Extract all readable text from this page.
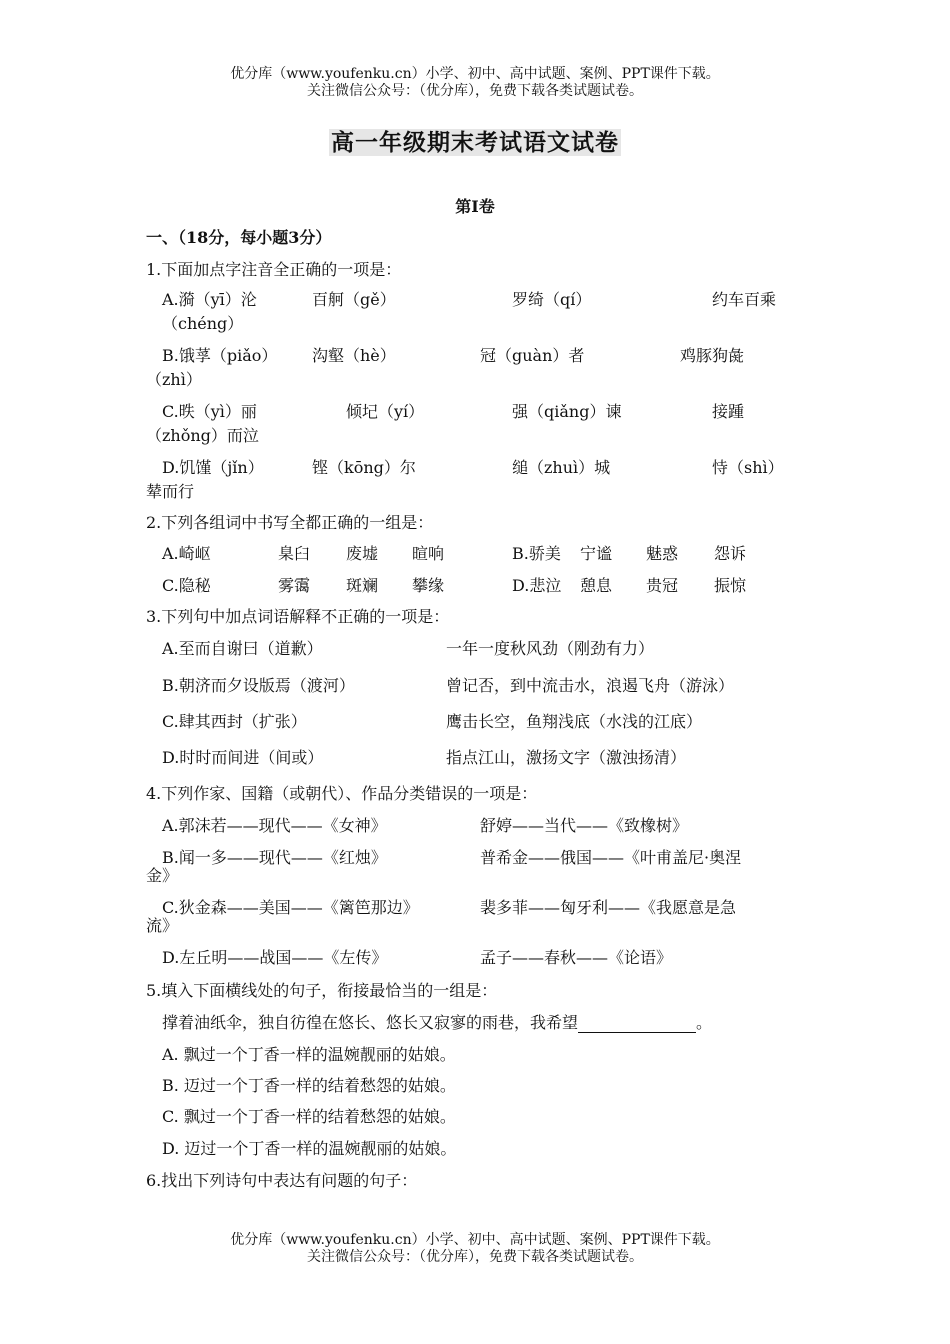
优分库（www.youfenku.cn）小学、初中、高中试题、案例、PPT课件下载。
关注微信公众号：（优分库），免费下载各类试题试卷。
高一年级期末考试语文试卷
第Ⅰ卷
一、（18分，每小题3分）
1.下面加点字注音全正确的一项是：
A.漪（yī）沦	百舸（gě）	罗绮（qí）	约车百乘
（chéng）
B.饿莩（piǎo） 沟壑（hè）	冠（guàn）者	鸡豚狗彘
（zhì）
C.昳（yì）丽	倾圮（yí）	强（qiǎng）谏	接踵
（zhǒng）而泣
D.饥馑（jǐn）	铿（kōng）尔	缒（zhuì）城	恃（shì）
辇而行
2.下列各组词中书写全都正确的一组是：
A.崎岖	臬臼 废墟 暄响	B.骄美 宁谧 魅惑 怨诉
C.隐秘	雾霭 斑斓 攀缘	D.悲泣 憩息 贵冠 振惊
3.下列句中加点词语解释不正确的一项是：
A.至而自谢曰（道歉）	一年一度秋风劲（刚劲有力）
B.朝济而夕设版焉（渡河）	曾记否，到中流击水，浪遏飞舟（游泳）
C.肆其西封（扩张）	鹰击长空，鱼翔浅底（水浅的江底）
D.时时而间进（间或）	指点江山，激扬文字（激浊扬清）
4.下列作家、国籍（或朝代）、作品分类错误的一项是：
A.郭沫若——现代——《女神》	舒婷——当代——《致橡树》
B.闻一多——现代——《红烛》	普希金——俄国——《叶甫盖尼·奥涅
金》
C.狄金森——美国——《篱笆那边》	裴多菲——匈牙利——《我愿意是急
流》
D.左丘明——战国——《左传》	孟子——春秋——《论语》
5.填入下面横线处的句子，衔接最恰当的一组是：
撑着油纸伞，独自彷徨在悠长、悠长又寂寥的雨巷，我希望	。
A. 飘过一个丁香一样的温婉靓丽的姑娘。
B. 迈过一个丁香一样的结着愁怨的姑娘。
C. 飘过一个丁香一样的结着愁怨的姑娘。
D. 迈过一个丁香一样的温婉靓丽的姑娘。
6.找出下列诗句中表达有问题的句子：
优分库（www.youfenku.cn）小学、初中、高中试题、案例、PPT课件下载。
关注微信公众号：（优分库），免费下载各类试题试卷。
